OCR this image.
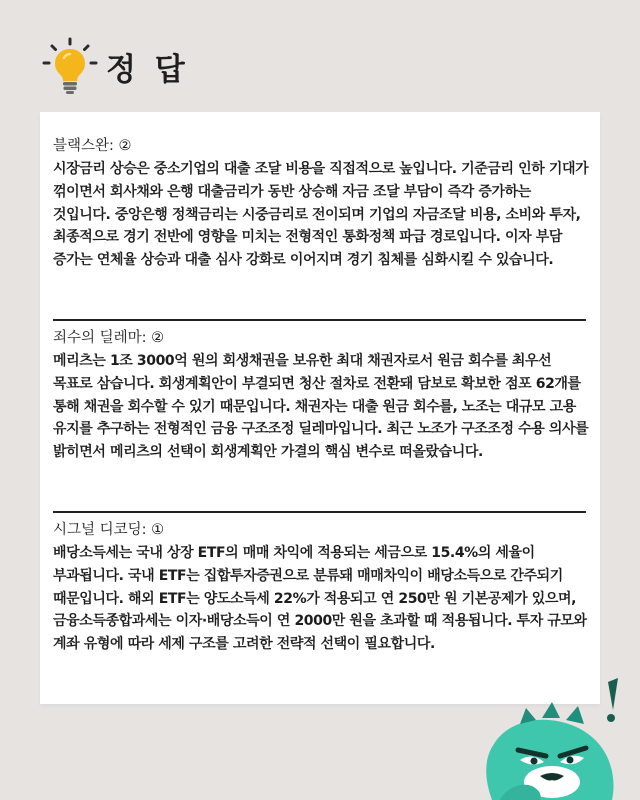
정 답
블랙스완: ②

시장금리 상승은 중소기업의 대출 조달 비용을 직접적으로 높입니다. 기준금리 인하 기대가 꺾이면서 회사채와 은행 대출금리가 동반 상승해 자금 조달 부담이 즉각 증가하는 것입니다. 중앙은행 정책금리는 시중금리로 전이되며 기업의 자금조달 비용, 소비와 투자, 최종적으로 경기 전반에 영향을 미치는 전형적인 통화정책 파급 경로입니다. 이자 부담 증가는 연체율 상승과 대출 심사 강화로 이어지며 경기 침체를 심화시킬 수 있습니다.

죄수의 딜레마: ②

메리츠는 1조 3000억 원의 회생채권을 보유한 최대 채권자로서 원금 회수를 최우선 목표로 삼습니다. 회생계획안이 부결되면 청산 절차로 전환돼 담보로 확보한 점포 62개를 통해 채권을 회수할 수 있기 때문입니다. 채권자는 대출 원금 회수를, 노조는 대규모 고용 유지를 추구하는 전형적인 금융 구조조정 딜레마입니다. 최근 노조가 구조조정 수용 의사를 밝히면서 메리츠의 선택이 회생계획안 가결의 핵심 변수로 떠올랐습니다.

시그널 디코딩: ①

배당소득세는 국내 상장 ETF의 매매 차익에 적용되는 세금으로 15.4%의 세율이 부과됩니다. 국내 ETF는 집합투자증권으로 분류돼 매매차익이 배당소득으로 간주되기 때문입니다. 해외 ETF는 양도소득세 22%가 적용되고 연 250만 원 기본공제가 있으며, 금융소득종합과세는 이자·배당소득이 연 2000만 원을 초과할 때 적용됩니다. 투자 규모와 계좌 유형에 따라 세제 구조를 고려한 전략적 선택이 필요합니다.
